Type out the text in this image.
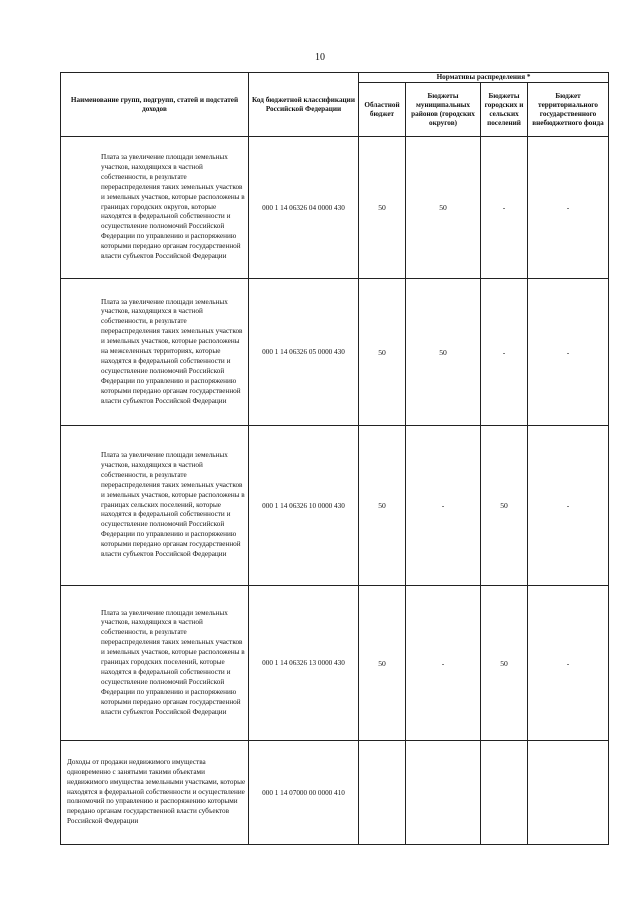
10
Наименование групп, подгрупп, статей и подстатей доходов	Код бюджетной классификации Российской Федерации	Нормативы распределения *			

		Областной бюджет	Бюджеты муниципальных районов (городских округов)	Бюджеты городских и сельских поселений	Бюджет территориального государственного внебюджетного фонда

Плата за увеличение площади земельных участков, находящихся в частной собственности, в результате перераспределения таких земельных участков и земельных участков, которые расположены в границах городских округов, которые находятся в федеральной собственности и осуществление полномочий Российской Федерации по управлению и распоряжению которыми передано органам государственной власти субъектов Российской Федерации	000 1 14 06326 04 0000 430	50	50	-	-
Плата за увеличение площади земельных участков, находящихся в частной собственности, в результате перераспределения таких земельных участков и земельных участков, которые расположены на межселенных территориях, которые находятся в федеральной собственности и осуществление полномочий Российской Федерации по управлению и распоряжению которыми передано органам государственной власти субъектов Российской Федерации	000 1 14 06326 05 0000 430	50	50	-	-
Плата за увеличение площади земельных участков, находящихся в частной собственности, в результате перераспределения таких земельных участков и земельных участков, которые расположены в границах сельских поселений, которые находятся в федеральной собственности и осуществление полномочий Российской Федерации по управлению и распоряжению которыми передано органам государственной власти субъектов Российской Федерации	000 1 14 06326 10 0000 430	50	-	50	-
Плата за увеличение площади земельных участков, находящихся в частной собственности, в результате перераспределения таких земельных участков и земельных участков, которые расположены в границах городских поселений, которые находятся в федеральной собственности и осуществление полномочий Российской Федерации по управлению и распоряжению которыми передано органам государственной власти субъектов Российской Федерации	000 1 14 06326 13 0000 430	50	-	50	-
Доходы от продажи недвижимого имущества одновременно с занятыми такими объектами недвижимого имущества земельными участками, которые находятся в федеральной собственности и осуществление полномочий по управлению и распоряжению которыми передано органам государственной власти субъектов Российской Федерации	000 1 14 07000 00 0000 410				
